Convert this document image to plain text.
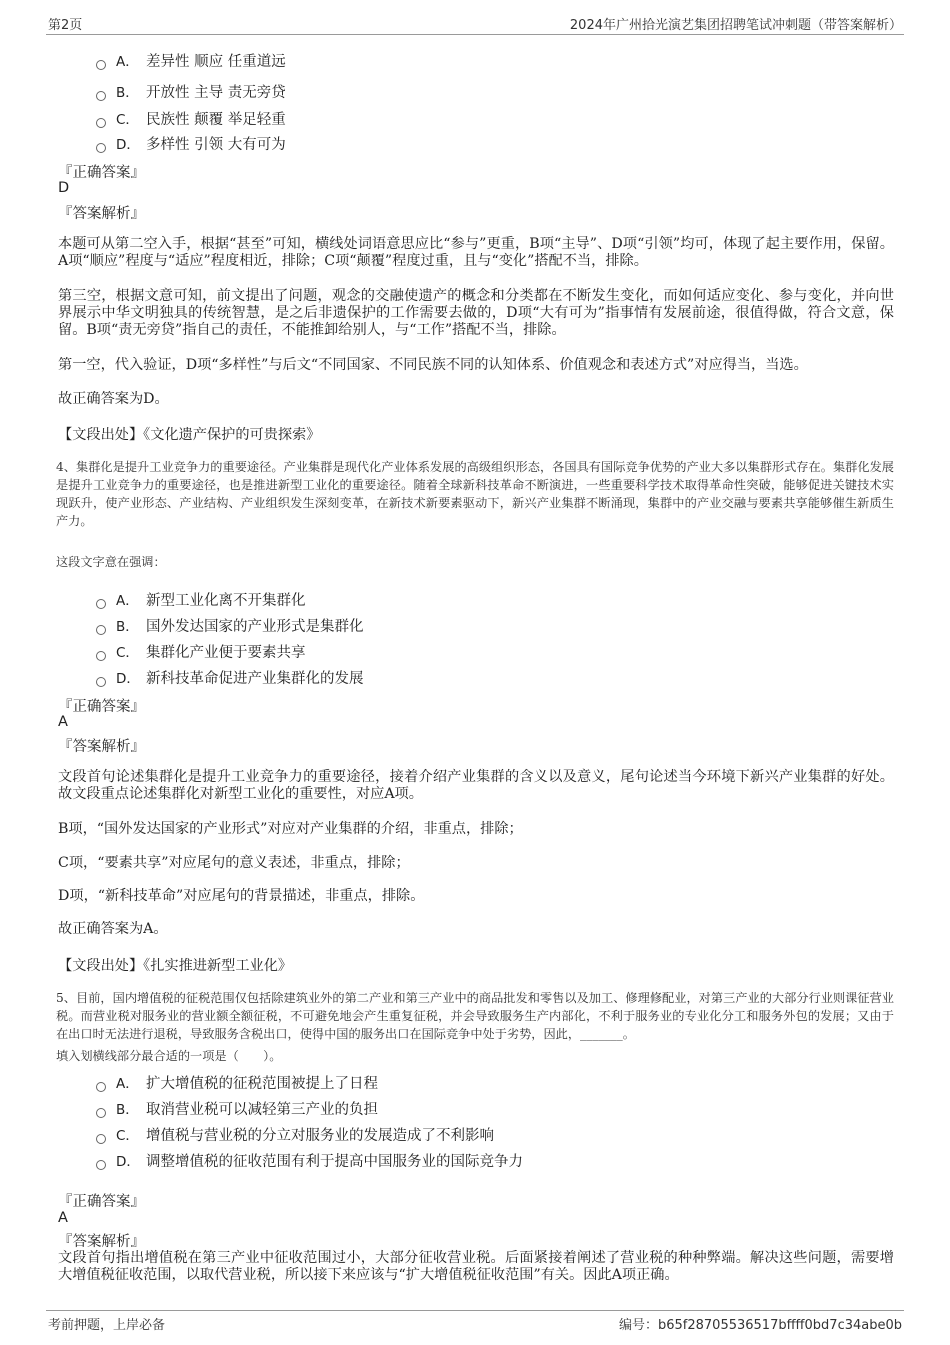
第2页	2024年广州拾光演艺集团招聘笔试冲刺题（带答案解析）
A． 差异性 顺应 任重道远
B． 开放性 主导 责无旁贷
C． 民族性 颠覆 举足轻重
D． 多样性 引领 大有可为
『正确答案』
D
『答案解析』
本题可从第二空入手，根据“甚至”可知，横线处词语意思应比“参与”更重，B项“主导”、D项“引领”均可，体现了起主要作用，保留。A项“顺应”程度与“适应”程度相近，排除；C项“颠覆”程度过重，且与“变化”搭配不当，排除。
第三空，根据文意可知，前文提出了问题，观念的交融使遗产的概念和分类都在不断发生变化，而如何适应变化、参与变化，并向世界展示中华文明独具的传统智慧，是之后非遗保护的工作需要去做的，D项“大有可为”指事情有发展前途，很值得做，符合文意，保留。B项“责无旁贷”指自己的责任，不能推卸给别人，与“工作”搭配不当，排除。
第一空，代入验证，D项“多样性”与后文“不同国家、不同民族不同的认知体系、价值观念和表述方式”对应得当，当选。
故正确答案为D。
【文段出处】《文化遗产保护的可贵探索》
4、集群化是提升工业竞争力的重要途径。产业集群是现代化产业体系发展的高级组织形态，各国具有国际竞争优势的产业大多以集群形式存在。集群化发展是提升工业竞争力的重要途径，也是推进新型工业化的重要途径。随着全球新科技革命不断演进，一些重要科学技术取得革命性突破，能够促进关键技术实现跃升，使产业形态、产业结构、产业组织发生深刻变革，在新技术新要素驱动下，新兴产业集群不断涌现，集群中的产业交融与要素共享能够催生新质生产力。
这段文字意在强调：
A． 新型工业化离不开集群化
B． 国外发达国家的产业形式是集群化
C． 集群化产业便于要素共享
D． 新科技革命促进产业集群化的发展
『正确答案』
A
『答案解析』
文段首句论述集群化是提升工业竞争力的重要途径，接着介绍产业集群的含义以及意义，尾句论述当今环境下新兴产业集群的好处。故文段重点论述集群化对新型工业化的重要性，对应A项。
B项，“国外发达国家的产业形式”对应对产业集群的介绍，非重点，排除；
C项，“要素共享”对应尾句的意义表述，非重点，排除；
D项，“新科技革命”对应尾句的背景描述，非重点，排除。
故正确答案为A。
【文段出处】《扎实推进新型工业化》
5、目前，国内增值税的征税范围仅包括除建筑业外的第二产业和第三产业中的商品批发和零售以及加工、修理修配业，对第三产业的大部分行业则课征营业税。而营业税对服务业的营业额全额征税，不可避免地会产生重复征税，并会导致服务生产内部化，不利于服务业的专业化分工和服务外包的发展；又由于在出口时无法进行退税，导致服务含税出口，使得中国的服务出口在国际竞争中处于劣势，因此，_______。
填入划横线部分最合适的一项是（　　）。
A． 扩大增值税的征税范围被提上了日程
B． 取消营业税可以减轻第三产业的负担
C． 增值税与营业税的分立对服务业的发展造成了不利影响
D． 调整增值税的征收范围有利于提高中国服务业的国际竞争力
『正确答案』
A
『答案解析』
文段首句指出增值税在第三产业中征收范围过小，大部分征收营业税。后面紧接着阐述了营业税的种种弊端。解决这些问题，需要增大增值税征收范围，以取代营业税，所以接下来应该与“扩大增值税征收范围”有关。因此A项正确。
考前押题，上岸必备	编号：b65f28705536517bffff0bd7c34abe0b
